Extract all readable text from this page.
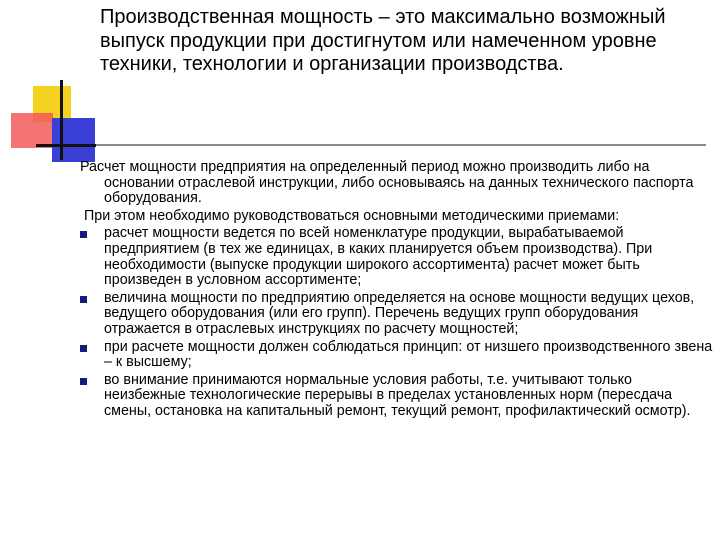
Производственная мощность – это максимально возможный выпуск продукции при достигнутом или намеченном уровне техники, технологии и организации производства.

Расчет мощности предприятия на определенный период можно производить либо на основании отраслевой инструкции, либо основываясь на данных технического паспорта оборудования.

При этом необходимо руководствоваться основными методическими приемами:

расчет мощности ведется по всей номенклатуре продукции, вырабатываемой предприятием (в тех же единицах, в каких планируется объем производства). При необходимости (выпуске продукции широкого ассортимента) расчет может быть произведен в условном ассортименте;
величина мощности по предприятию определяется на основе мощности ведущих цехов, ведущего оборудования (или его групп). Перечень ведущих групп оборудования отражается в отраслевых инструкциях по расчету мощностей;
при расчете мощности должен соблюдаться принцип: от низшего производственного звена – к высшему;
во внимание принимаются нормальные условия работы, т.е. учитывают только неизбежные технологические перерывы в пределах установленных норм (пересдача смены, остановка на капитальный ремонт, текущий ремонт, профилактический осмотр).
